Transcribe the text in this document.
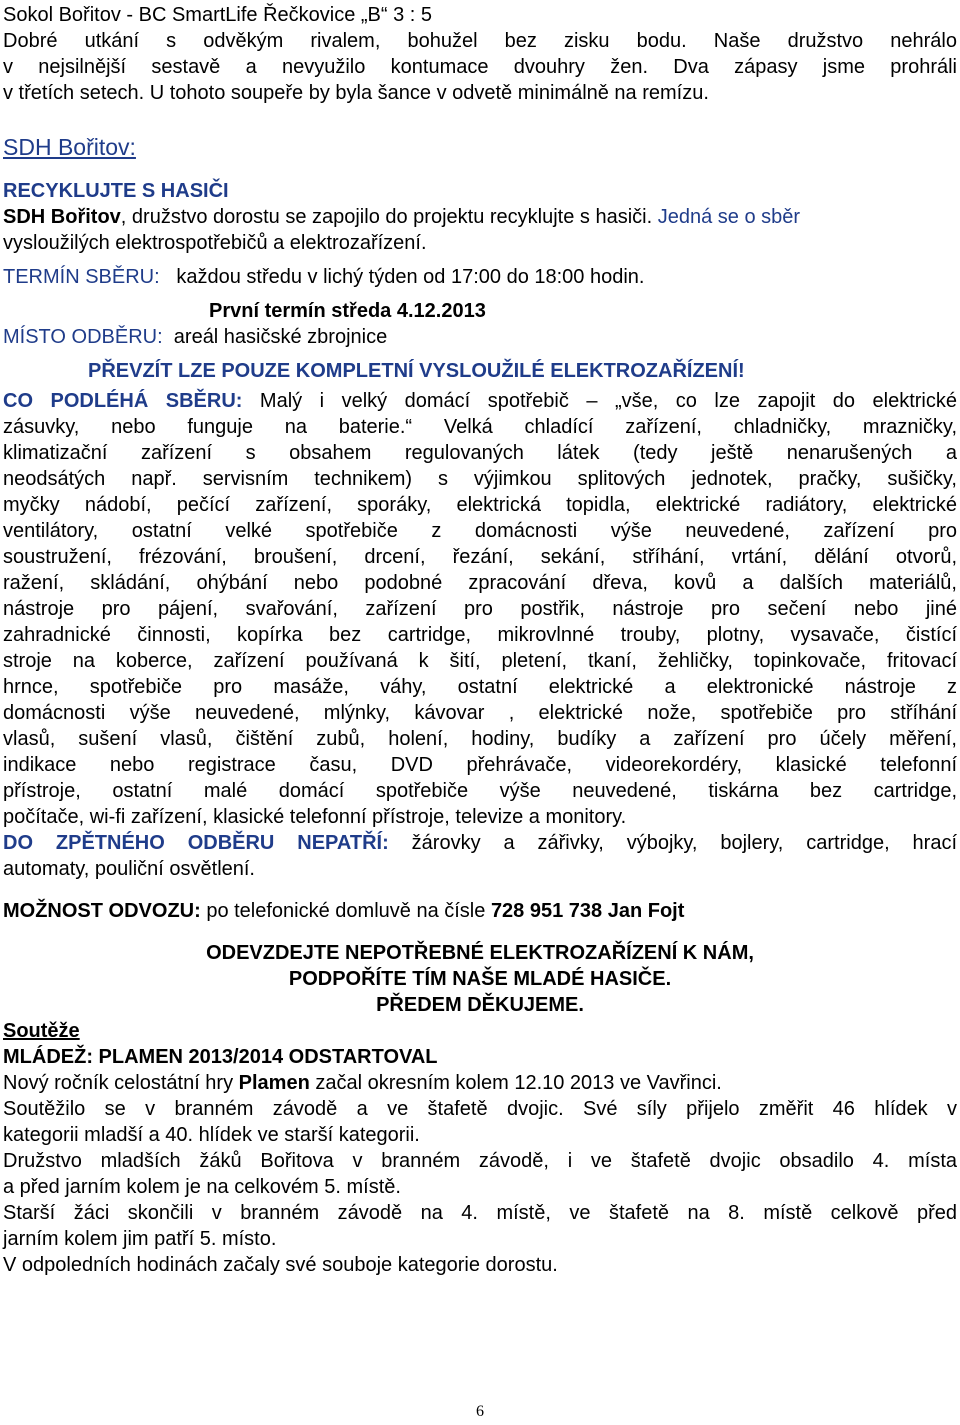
Sokol Bořitov - BC SmartLife Řečkovice „B“ 3 : 5
Dobré utkání s odvěkým rivalem, bohužel bez zisku bodu. Naše družstvo nehrálo
v nejsilnější sestavě a nevyužilo kontumace dvouhry žen. Dva zápasy jsme prohráli
v třetích setech. U tohoto soupeře by byla šance v odvetě minimálně na remízu.
SDH Bořitov:
RECYKLUJTE S HASIČI
SDH Bořitov, družstvo dorostu se zapojilo do projektu recyklujte s hasiči. Jedná se o sběr
vysloužilých elektrospotřebičů a elektrozařízení.
TERMÍN SBĚRU: každou středu v lichý týden od 17:00 do 18:00 hodin.
První termín středa 4.12.2013
MÍSTO ODBĚRU: areál hasičské zbrojnice
PŘEVZÍT LZE POUZE KOMPLETNÍ VYSLOUŽILÉ ELEKTROZAŘÍZENÍ!
CO PODLÉHÁ SBĚRU: Malý i velký domácí spotřebič – „vše, co lze zapojit do elektrické
zásuvky, nebo funguje na baterie.“ Velká chladící zařízení, chladničky, mrazničky,
klimatizační zařízení s obsahem regulovaných látek (tedy ještě nenarušených a
neodsátých např. servisním technikem) s výjimkou splitových jednotek, pračky, sušičky,
myčky nádobí, pečící zařízení, sporáky, elektrická topidla, elektrické radiátory, elektrické
ventilátory, ostatní velké spotřebiče z domácnosti výše neuvedené, zařízení pro
soustružení, frézování, broušení, drcení, řezání, sekání, stříhání, vrtání, dělání otvorů,
ražení, skládání, ohýbání nebo podobné zpracování dřeva, kovů a dalších materiálů,
nástroje pro pájení, svařování, zařízení pro postřik, nástroje pro sečení nebo jiné
zahradnické činnosti, kopírka bez cartridge, mikrovlnné trouby, plotny, vysavače, čistící
stroje na koberce, zařízení používaná k šití, pletení, tkaní, žehličky, topinkovače, fritovací
hrnce, spotřebiče pro masáže, váhy, ostatní elektrické a elektronické nástroje z
domácnosti výše neuvedené, mlýnky, kávovar , elektrické nože, spotřebiče pro stříhání
vlasů, sušení vlasů, čištění zubů, holení, hodiny, budíky a zařízení pro účely měření,
indikace nebo registrace času, DVD přehrávače, videorekordéry, klasické telefonní
přístroje, ostatní malé domácí spotřebiče výše neuvedené, tiskárna bez cartridge,
počítače, wi-fi zařízení, klasické telefonní přístroje, televize a monitory.
DO ZPĚTNÉHO ODBĚRU NEPATŘÍ: žárovky a zářivky, výbojky, bojlery, cartridge, hrací
automaty, pouliční osvětlení.
MOŽNOST ODVOZU: po telefonické domluvě na čísle 728 951 738 Jan Fojt
ODEVZDEJTE NEPOTŘEBNÉ ELEKTROZAŘÍZENÍ K NÁM,
PODPOŘÍTE TÍM NAŠE MLADÉ HASIČE.
PŘEDEM DĚKUJEME.
Soutěže
MLÁDEŽ: PLAMEN 2013/2014 ODSTARTOVAL
Nový ročník celostátní hry Plamen začal okresním kolem 12.10 2013 ve Vavřinci.
Soutěžilo se v branném závodě a ve štafetě dvojic. Své síly přijelo změřit 46 hlídek v
kategorii mladší a 40. hlídek ve starší kategorii.
Družstvo mladších žáků Bořitova v branném závodě, i ve štafetě dvojic obsadilo 4. místa
a před jarním kolem je na celkovém 5. místě.
Starší žáci skončili v branném závodě na 4. místě, ve štafetě na 8. místě celkově před
jarním kolem jim patří 5. místo.
V odpoledních hodinách začaly své souboje kategorie dorostu.
6
